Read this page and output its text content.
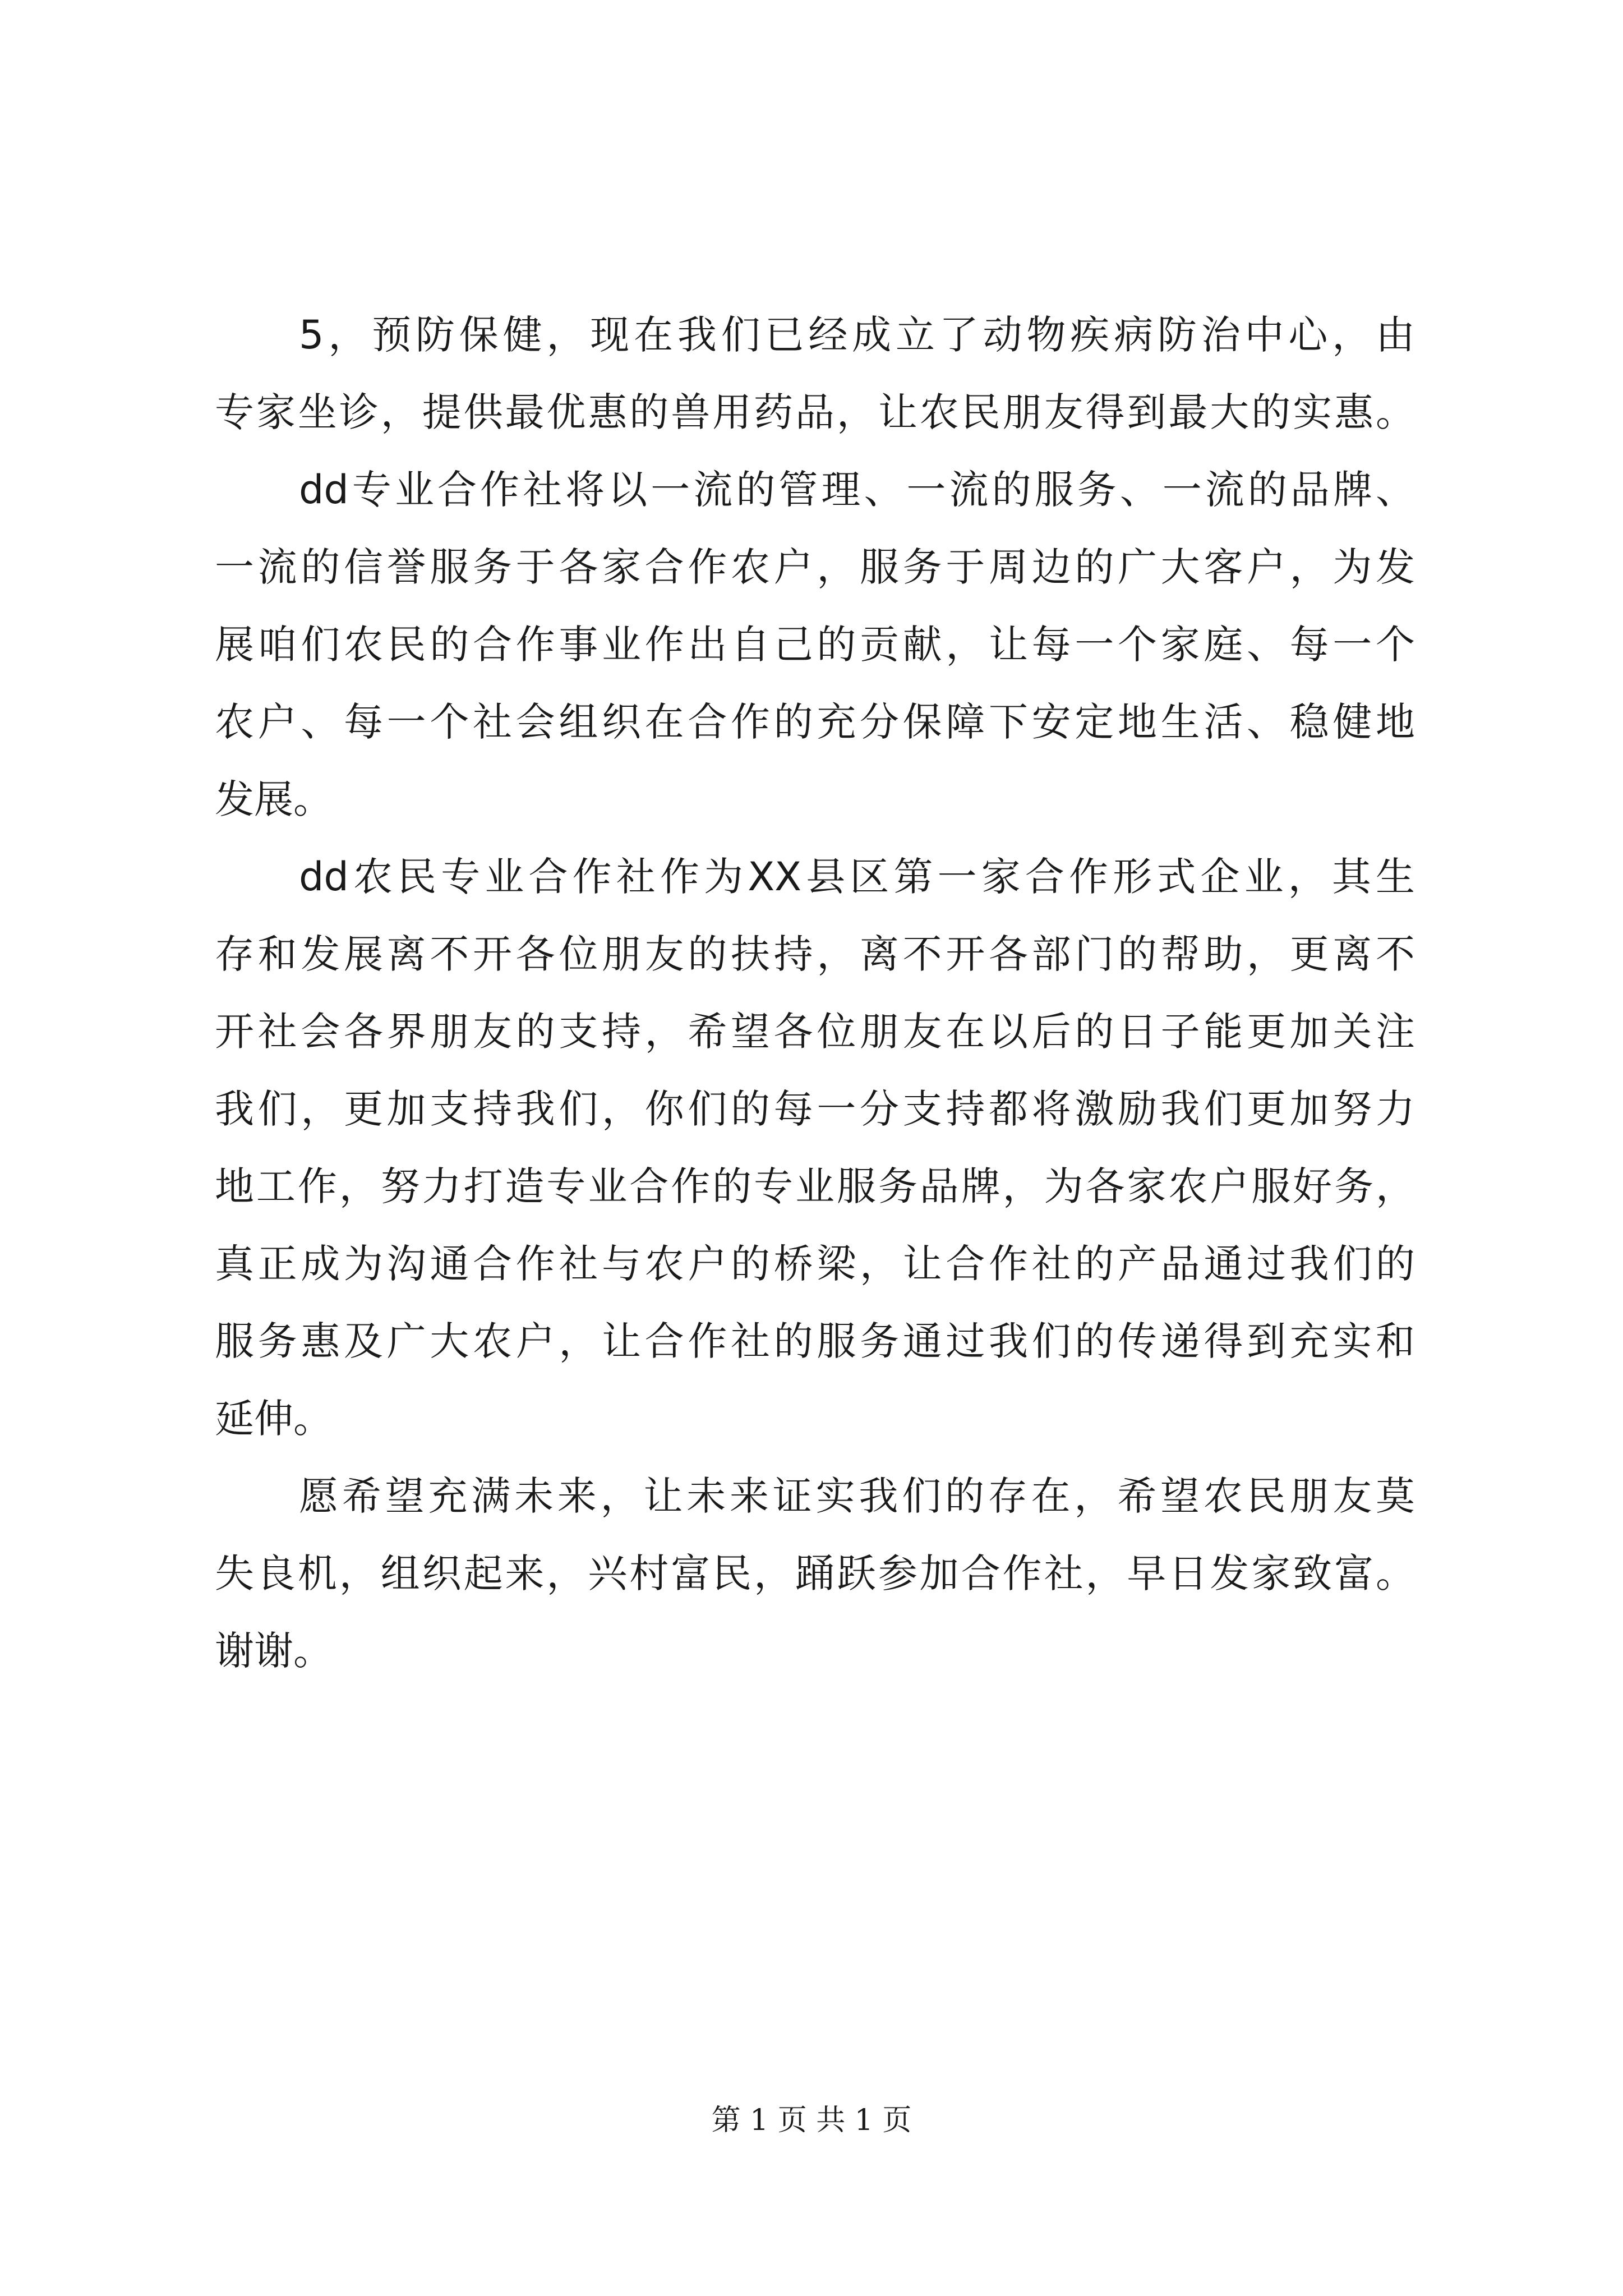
5，预防保健，现在我们已经成立了动物疾病防治中心，由
专家坐诊，提供最优惠的兽用药品，让农民朋友得到最大的实惠。
dd专业合作社将以一流的管理、一流的服务、一流的品牌、
一流的信誉服务于各家合作农户，服务于周边的广大客户，为发
展咱们农民的合作事业作出自己的贡献，让每一个家庭、每一个
农户、每一个社会组织在合作的充分保障下安定地生活、稳健地
发展。
dd农民专业合作社作为XX县区第一家合作形式企业，其生
存和发展离不开各位朋友的扶持，离不开各部门的帮助，更离不
开社会各界朋友的支持，希望各位朋友在以后的日子能更加关注
我们，更加支持我们，你们的每一分支持都将激励我们更加努力
地工作，努力打造专业合作的专业服务品牌，为各家农户服好务，
真正成为沟通合作社与农户的桥梁，让合作社的产品通过我们的
服务惠及广大农户，让合作社的服务通过我们的传递得到充实和
延伸。
愿希望充满未来，让未来证实我们的存在，希望农民朋友莫
失良机，组织起来，兴村富民，踊跃参加合作社，早日发家致富。
谢谢。
第 1 页 共 1 页
